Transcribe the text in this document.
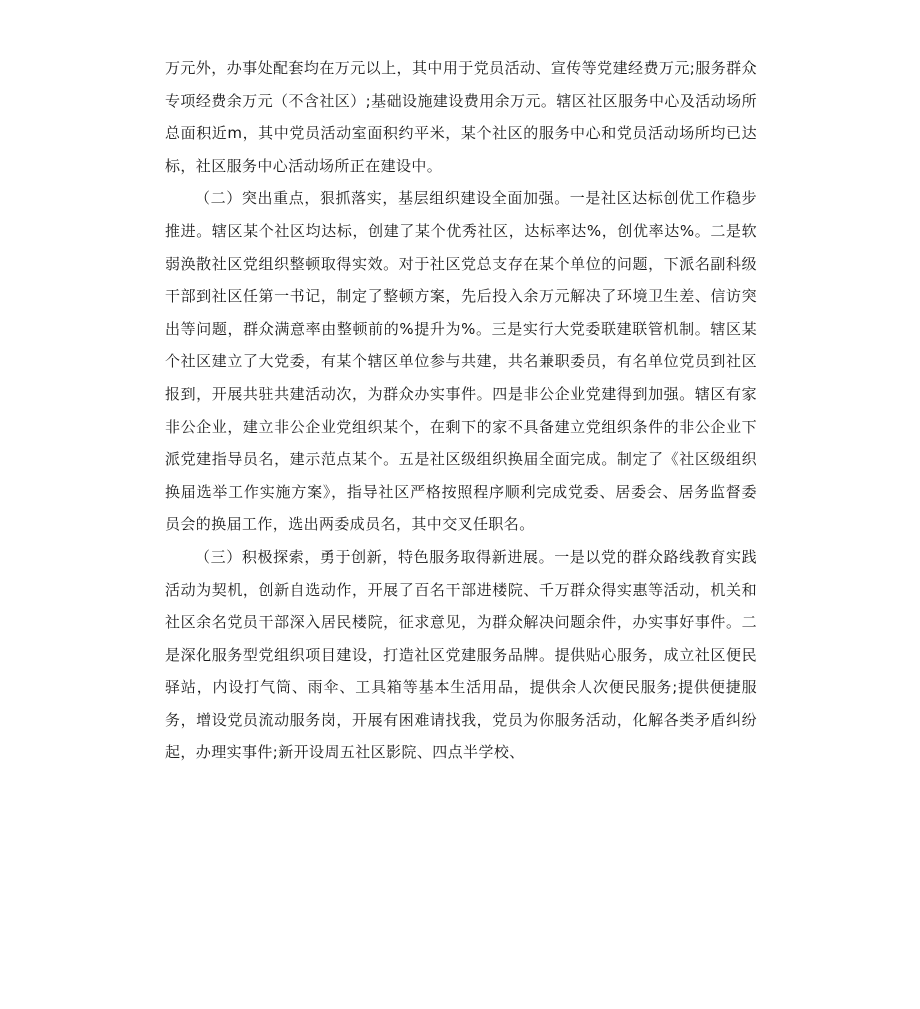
万元外，办事处配套均在万元以上，其中用于党员活动、宣传等党建经费万元;服务群众专项经费余万元（不含社区）;基础设施建设费用余万元。辖区社区服务中心及活动场所总面积近m，其中党员活动室面积约平米，某个社区的服务中心和党员活动场所均已达标，社区服务中心活动场所正在建设中。

（二）突出重点，狠抓落实，基层组织建设全面加强。一是社区达标创优工作稳步推进。辖区某个社区均达标，创建了某个优秀社区，达标率达%，创优率达%。二是软弱涣散社区党组织整顿取得实效。对于社区党总支存在某个单位的问题，下派名副科级干部到社区任第一书记，制定了整顿方案，先后投入余万元解决了环境卫生差、信访突出等问题，群众满意率由整顿前的%提升为%。三是实行大党委联建联管机制。辖区某个社区建立了大党委，有某个辖区单位参与共建，共名兼职委员，有名单位党员到社区报到，开展共驻共建活动次，为群众办实事件。四是非公企业党建得到加强。辖区有家非公企业，建立非公企业党组织某个，在剩下的家不具备建立党组织条件的非公企业下派党建指导员名，建示范点某个。五是社区级组织换届全面完成。制定了《社区级组织换届选举工作实施方案》，指导社区严格按照程序顺利完成党委、居委会、居务监督委员会的换届工作，选出两委成员名，其中交叉任职名。

（三）积极探索，勇于创新，特色服务取得新进展。一是以党的群众路线教育实践活动为契机，创新自选动作，开展了百名干部进楼院、千万群众得实惠等活动，机关和社区余名党员干部深入居民楼院，征求意见，为群众解决问题余件，办实事好事件。二是深化服务型党组织项目建设，打造社区党建服务品牌。提供贴心服务，成立社区便民驿站，内设打气筒、雨伞、工具箱等基本生活用品，提供余人次便民服务;提供便捷服务，增设党员流动服务岗，开展有困难请找我，党员为你服务活动，化解各类矛盾纠纷起，办理实事件;新开设周五社区影院、四点半学校、
